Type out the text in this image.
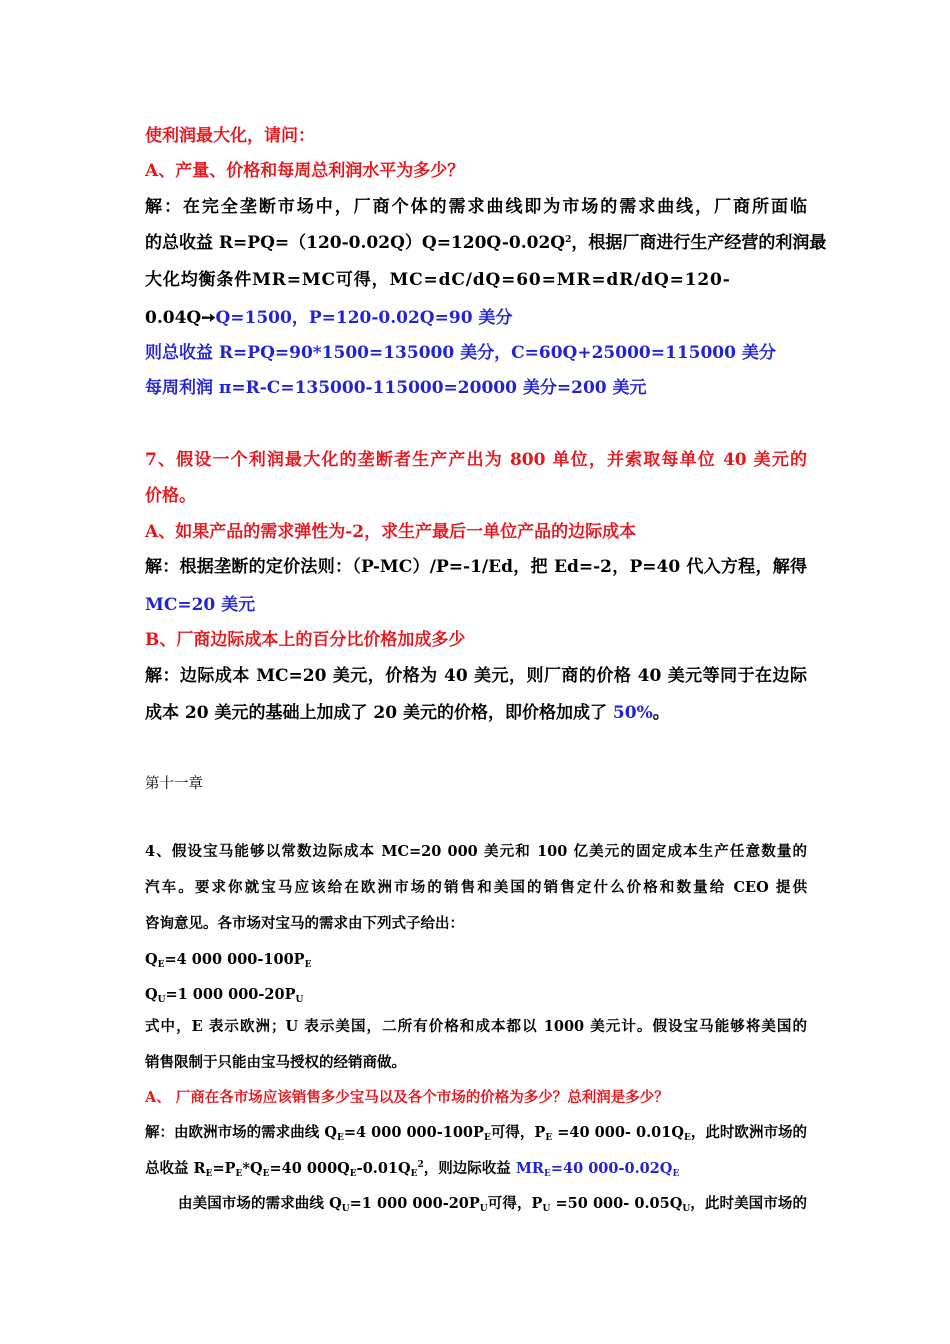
使利润最大化，请问：
A、产量、价格和每周总利润水平为多少？
解：在完全垄断市场中，厂商个体的需求曲线即为市场的需求曲线，厂商所面临
的总收益 $R=PQ=(120-0.02Q)Q=120Q-0.02Q^2$，根据厂商进行生产经营的利润最
大化均衡条件MR=MC可得，MC=dC/dQ=60=MR=dR/dQ=120-
0.04Q➙Q=1500，P=120-0.02Q=90 美分
则总收益 R=PQ=90*1500=135000 美分，C=60Q+25000=115000 美分
每周利润 π=R-C=135000-115000=20000 美分=200 美元
7、假设一个利润最大化的垄断者生产产出为 800 单位，并索取每单位 40 美元的
价格。
A、如果产品的需求弹性为-2，求生产最后一单位产品的边际成本
解：根据垄断的定价法则：（P-MC）/P=-1/Ed，把 Ed=-2，P=40 代入方程，解得
MC=20 美元
B、厂商边际成本上的百分比价格加成多少
解：边际成本 MC=20 美元，价格为 40 美元，则厂商的价格 40 美元等同于在边际
成本 20 美元的基础上加成了 20 美元的价格，即价格加成了 50%。
第十一章
4、假设宝马能够以常数边际成本 MC=20 000 美元和 100 亿美元的固定成本生产任意数量的
汽车。要求你就宝马应该给在欧洲市场的销售和美国的销售定什么价格和数量给 CEO 提供
咨询意见。各市场对宝马的需求由下列式子给出：
$Q_E=4$ 000 $000-100P_E$
$Q_U=1$ 000 $000-20P_U$
式中，E 表示欧洲；U 表示美国，二所有价格和成本都以 1000 美元计。假设宝马能够将美国的
销售限制于只能由宝马授权的经销商做。
A、 厂商在各市场应该销售多少宝马以及各个市场的价格为多少？总利润是多少？
解：由欧洲市场的需求曲线 $Q_E=4$ 000 $000-100P_E$可得，$P_E =40$ 000- $0.01Q_E$，此时欧洲市场的
总收益 $R_E=P_E*Q_E=40$ $000Q_E-0.01Q_E^2$，则边际收益 $MR_E=40$ $000-0.02Q_E$
由美国市场的需求曲线 $Q_U=1$ 000 $000-20P_U$可得，$P_U =50$ 000- $0.05Q_U$，此时美国市场的
